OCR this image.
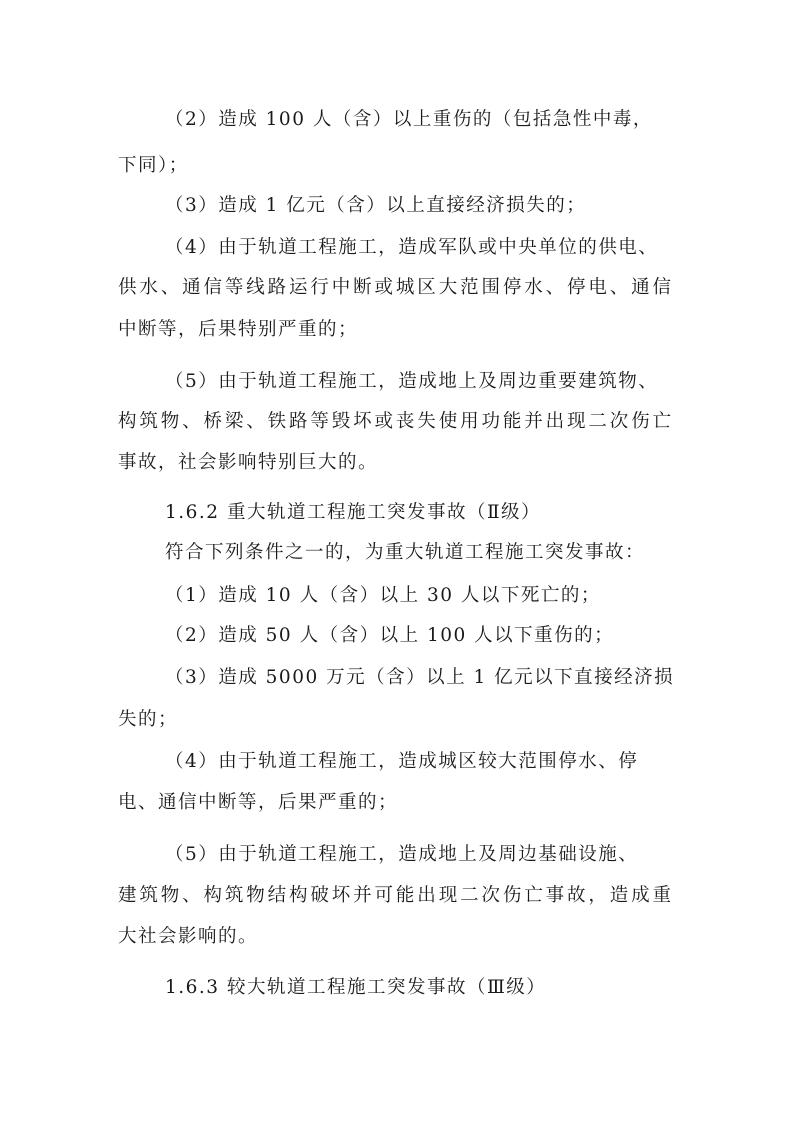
（2）造成 100 人（含）以上重伤的（包括急性中毒，
下同）；
（3）造成 1 亿元（含）以上直接经济损失的；
（4）由于轨道工程施工，造成军队或中央单位的供电、
供水、通信等线路运行中断或城区大范围停水、停电、通信
中断等，后果特别严重的；
（5）由于轨道工程施工，造成地上及周边重要建筑物、
构筑物、桥梁、铁路等毁坏或丧失使用功能并出现二次伤亡
事故，社会影响特别巨大的。
1.6.2 重大轨道工程施工突发事故（Ⅱ级）
符合下列条件之一的，为重大轨道工程施工突发事故：
（1）造成 10 人（含）以上 30 人以下死亡的；
（2）造成 50 人（含）以上 100 人以下重伤的；
（3）造成 5000 万元（含）以上 1 亿元以下直接经济损
失的；
（4）由于轨道工程施工，造成城区较大范围停水、停
电、通信中断等，后果严重的；
（5）由于轨道工程施工，造成地上及周边基础设施、
建筑物、构筑物结构破坏并可能出现二次伤亡事故，造成重
大社会影响的。
1.6.3 较大轨道工程施工突发事故（Ⅲ级）
